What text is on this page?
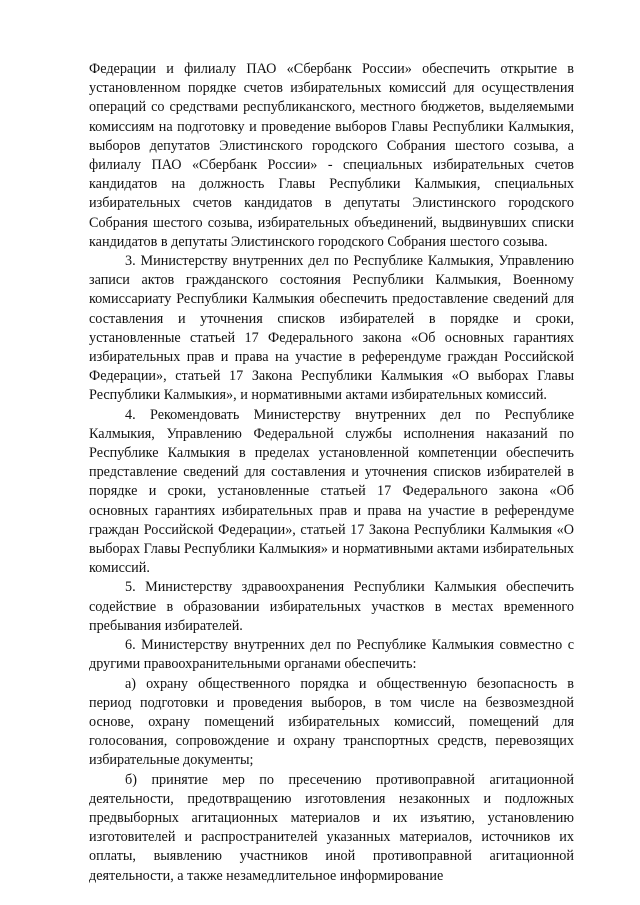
Федерации и филиалу ПАО «Сбербанк России» обеспечить открытие в установленном порядке счетов избирательных комиссий для осуществления операций со средствами республиканского, местного бюджетов, выделяемыми комиссиям на подготовку и проведение выборов Главы Республики Калмыкия, выборов депутатов Элистинского городского Собрания шестого созыва, а филиалу ПАО «Сбербанк России» - специальных избирательных счетов кандидатов на должность Главы Республики Калмыкия, специальных избирательных счетов кандидатов в депутаты Элистинского городского Собрания шестого созыва, избирательных объединений, выдвинувших списки кандидатов в депутаты Элистинского городского Собрания шестого созыва.

3. Министерству внутренних дел по Республике Калмыкия, Управлению записи актов гражданского состояния Республики Калмыкия, Военному комиссариату Республики Калмыкия обеспечить предоставление сведений для составления и уточнения списков избирателей в порядке и сроки, установленные статьей 17 Федерального закона «Об основных гарантиях избирательных прав и права на участие в референдуме граждан Российской Федерации», статьей 17 Закона Республики Калмыкия «О выборах Главы Республики Калмыкия», и нормативными актами избирательных комиссий.

4. Рекомендовать Министерству внутренних дел по Республике Калмыкия, Управлению Федеральной службы исполнения наказаний по Республике Калмыкия в пределах установленной компетенции обеспечить представление сведений для составления и уточнения списков избирателей в порядке и сроки, установленные статьей 17 Федерального закона «Об основных гарантиях избирательных прав и права на участие в референдуме граждан Российской Федерации», статьей 17 Закона Республики Калмыкия «О выборах Главы Республики Калмыкия» и нормативными актами избирательных комиссий.

5. Министерству здравоохранения Республики Калмыкия обеспечить содействие в образовании избирательных участков в местах временного пребывания избирателей.

6. Министерству внутренних дел по Республике Калмыкия совместно с другими правоохранительными органами обеспечить:

а) охрану общественного порядка и общественную безопасность в период подготовки и проведения выборов, в том числе на безвозмездной основе, охрану помещений избирательных комиссий, помещений для голосования, сопровождение и охрану транспортных средств, перевозящих избирательные документы;

б) принятие мер по пресечению противоправной агитационной деятельности, предотвращению изготовления незаконных и подложных предвыборных агитационных материалов и их изъятию, установлению изготовителей и распространителей указанных материалов, источников их оплаты, выявлению участников иной противоправной агитационной деятельности, а также незамедлительное информирование
